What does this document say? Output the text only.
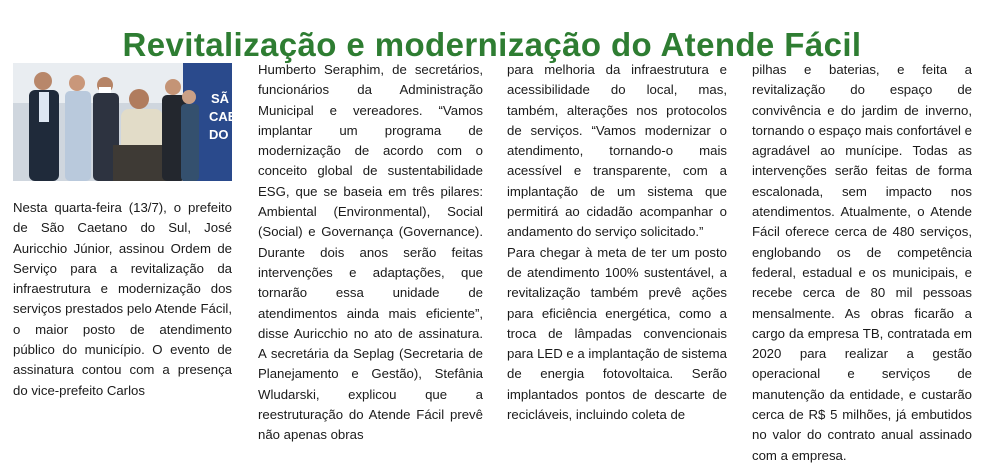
Revitalização e modernização do Atende Fácil
SÃ
CAE
DO

Nesta quarta-feira (13/7), o prefeito de São Caetano do Sul, José Auricchio Júnior, assinou Ordem de Serviço para a revitalização da infraestrutura e modernização dos serviços prestados pelo Atende Fácil, o maior posto de atendimento público do município. O evento de assinatura contou com a presença do vice-prefeito Carlos

Humberto Seraphim, de secretários, funcionários da Administração Municipal e vereadores. “Vamos implantar um programa de modernização de acordo com o conceito global de sustentabilidade ESG, que se baseia em três pilares: Ambiental (Environmental), Social (Social) e Governança (Governance). Durante dois anos serão feitas intervenções e adaptações, que tornarão essa unidade de atendimentos ainda mais eficiente”, disse Auricchio no ato de assinatura. A secretária da Seplag (Secretaria de Planejamento e Gestão), Stefânia Wludarski, explicou que a reestruturação do Atende Fácil prevê não apenas obras

para melhoria da infraestrutura e acessibilidade do local, mas, também, alterações nos protocolos de serviços. “Vamos modernizar o atendimento, tornando-o mais acessível e transparente, com a implantação de um sistema que permitirá ao cidadão acompanhar o andamento do serviço solicitado.”

Para chegar à meta de ter um posto de atendimento 100% sustentável, a revitalização também prevê ações para eficiência energética, como a troca de lâmpadas convencionais para LED e a implantação de sistema de energia fotovoltaica. Serão implantados pontos de descarte de recicláveis, incluindo coleta de

pilhas e baterias, e feita a revitalização do espaço de convivência e do jardim de inverno, tornando o espaço mais confortável e agradável ao munícipe. Todas as intervenções serão feitas de forma escalonada, sem impacto nos atendimentos. Atualmente, o Atende Fácil oferece cerca de 480 serviços, englobando os de competência federal, estadual e os municipais, e recebe cerca de 80 mil pessoas mensalmente. As obras ficarão a cargo da empresa TB, contratada em 2020 para realizar a gestão operacional e serviços de manutenção da entidade, e custarão cerca de R$ 5 milhões, já embutidos no valor do contrato anual assinado com a empresa.
